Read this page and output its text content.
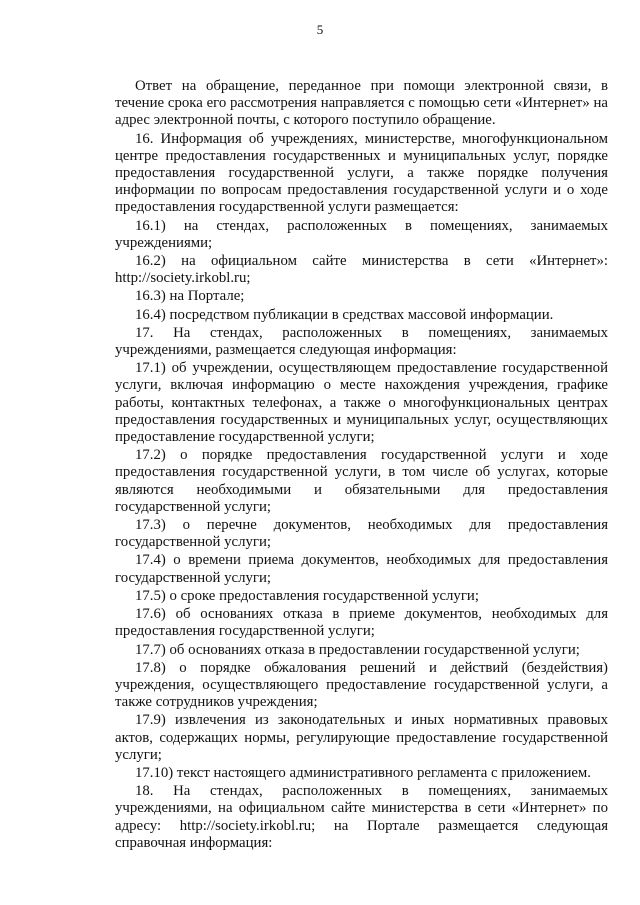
5

Ответ на обращение, переданное при помощи электронной связи, в течение срока его рассмотрения направляется с помощью сети «Интернет» на адрес электронной почты, с которого поступило обращение.

16. Информация об учреждениях, министерстве, многофункциональном центре предоставления государственных и муниципальных услуг, порядке предоставления государственной услуги, а также порядке получения информации по вопросам предоставления государственной услуги и о ходе предоставления государственной услуги размещается:

16.1) на стендах, расположенных в помещениях, занимаемых учреждениями;

16.2) на официальном сайте министерства в сети «Интернет»: http://society.irkobl.ru;

16.3) на Портале;

16.4) посредством публикации в средствах массовой информации.

17. На стендах, расположенных в помещениях, занимаемых учреждениями, размещается следующая информация:

17.1) об учреждении, осуществляющем предоставление государственной услуги, включая информацию о месте нахождения учреждения, графике работы, контактных телефонах, а также о многофункциональных центрах предоставления государственных и муниципальных услуг, осуществляющих предоставление государственной услуги;

17.2) о порядке предоставления государственной услуги и ходе предоставления государственной услуги, в том числе об услугах, которые являются необходимыми и обязательными для предоставления государственной услуги;

17.3) о перечне документов, необходимых для предоставления государственной услуги;

17.4) о времени приема документов, необходимых для предоставления государственной услуги;

17.5) о сроке предоставления государственной услуги;

17.6) об основаниях отказа в приеме документов, необходимых для предоставления государственной услуги;

17.7) об основаниях отказа в предоставлении государственной услуги;

17.8) о порядке обжалования решений и действий (бездействия) учреждения, осуществляющего предоставление государственной услуги, а также сотрудников учреждения;

17.9) извлечения из законодательных и иных нормативных правовых актов, содержащих нормы, регулирующие предоставление государственной услуги;

17.10) текст настоящего административного регламента с приложением.

18. На стендах, расположенных в помещениях, занимаемых учреждениями, на официальном сайте министерства в сети «Интернет» по адресу: http://society.irkobl.ru; на Портале размещается следующая справочная информация:
